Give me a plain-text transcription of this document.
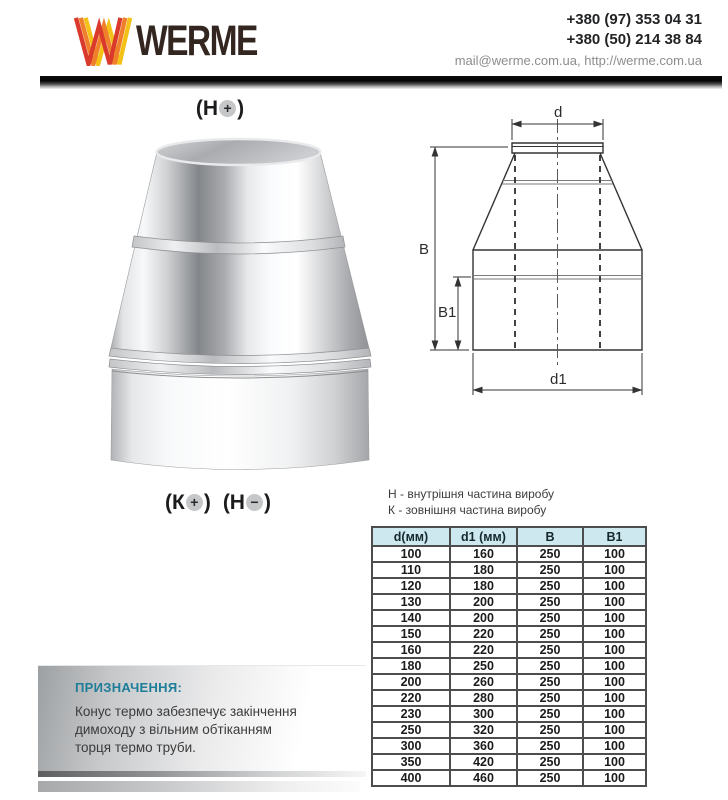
WERME	+380 (97) 353 04 31
+380 (50) 214 38 84
mail@werme.com.ua, http://werme.com.ua
(Н + )
(К + ) (Н − )
d
B
B1
d1
Н - внутрішня частина виробу
К - зовнішня частина виробу
d(мм)	d1 (мм)	B	B1
100	160	250	100
110	180	250	100
120	180	250	100
130	200	250	100
140	200	250	100
150	220	250	100
160	220	250	100
180	250	250	100
200	260	250	100
220	280	250	100
230	300	250	100
250	320	250	100
300	360	250	100
350	420	250	100
400	460	250	100
ПРИЗНАЧЕННЯ:
Конус термо забезпечує закінчення димоходу з вільним обтіканням торця термо труби.
